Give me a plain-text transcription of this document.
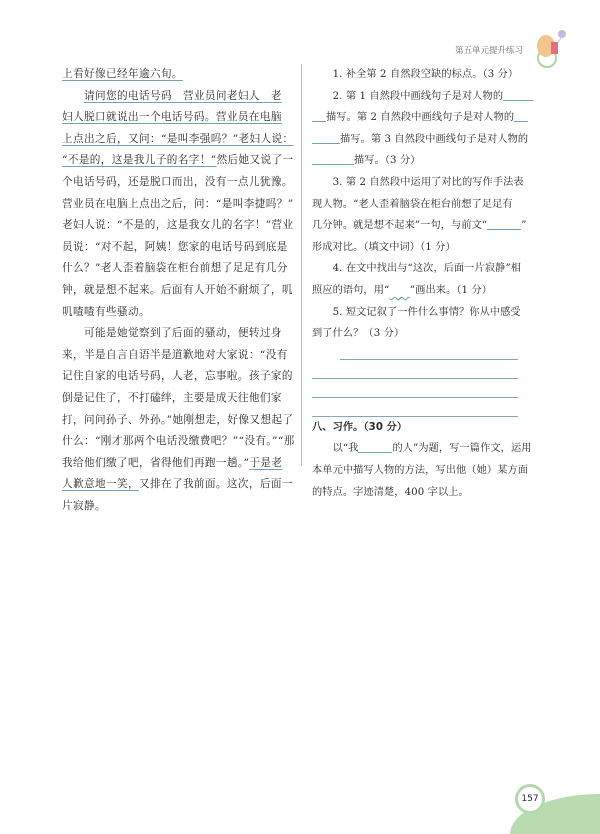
第五单元提升练习
上看好像已经年逾六旬。
　　请问您的电话号码　营业员问老妇人　老
妇人脱口就说出一个电话号码。营业员在电脑
上点出之后，又问：“是叫李强吗？”老妇人说：
“不是的，这是我儿子的名字！”然后她又说了一
个电话号码，还是脱口而出，没有一点儿犹豫。
营业员在电脑上点出之后，问：“是叫李捷吗？”
老妇人说：“不是的，这是我女儿的名字！”营业
员说：“对不起，阿姨！您家的电话号码到底是
什么？”老人歪着脑袋在柜台前想了足足有几分
钟，就是想不起来。后面有人开始不耐烦了，叽
叽喳喳有些骚动。
　　可能是她觉察到了后面的骚动，便转过身
来，半是自言自语半是道歉地对大家说：“没有
记住自家的电话号码，人老，忘事啦。孩子家的
倒是记住了，不打磕绊，主要是成天往他们家
打，问问孙子、外孙。”她刚想走，好像又想起了
什么：“刚才那两个电话没缴费吧？”“没有。”“那
我给他们缴了吧，省得他们再跑一趟。”于是老
人歉意地一笑，又排在了我前面。这次，后面一
片寂静。
　　1. 补全第 2 自然段空缺的标点。（3 分）
　　2. 第 1 自然段中画线句子是对人物的
描写。第 2 自然段中画线句子是对人物的
描写。第 3 自然段中画线句子是对人物的
描写。（3 分）
　　3. 第 2 自然段中运用了对比的写作手法表
现人物。“老人歪着脑袋在柜台前想了足足有
几分钟。就是想不起来”一句，与前文“	”
形成对比。（填文中词）（1 分）
　　4. 在文中找出与“这次，后面一片寂静”相
照应的语句，用“　　 ”画出来。（1 分）
　　5. 短文记叙了一件什么事情？你从中感受
到了什么？（3 分）
八、习作。（30 分）
　　以“我	的人”为题，写一篇作文，运用
本单元中描写人物的方法，写出他（她）某方面
的特点。字迹清楚，400 字以上。
157
